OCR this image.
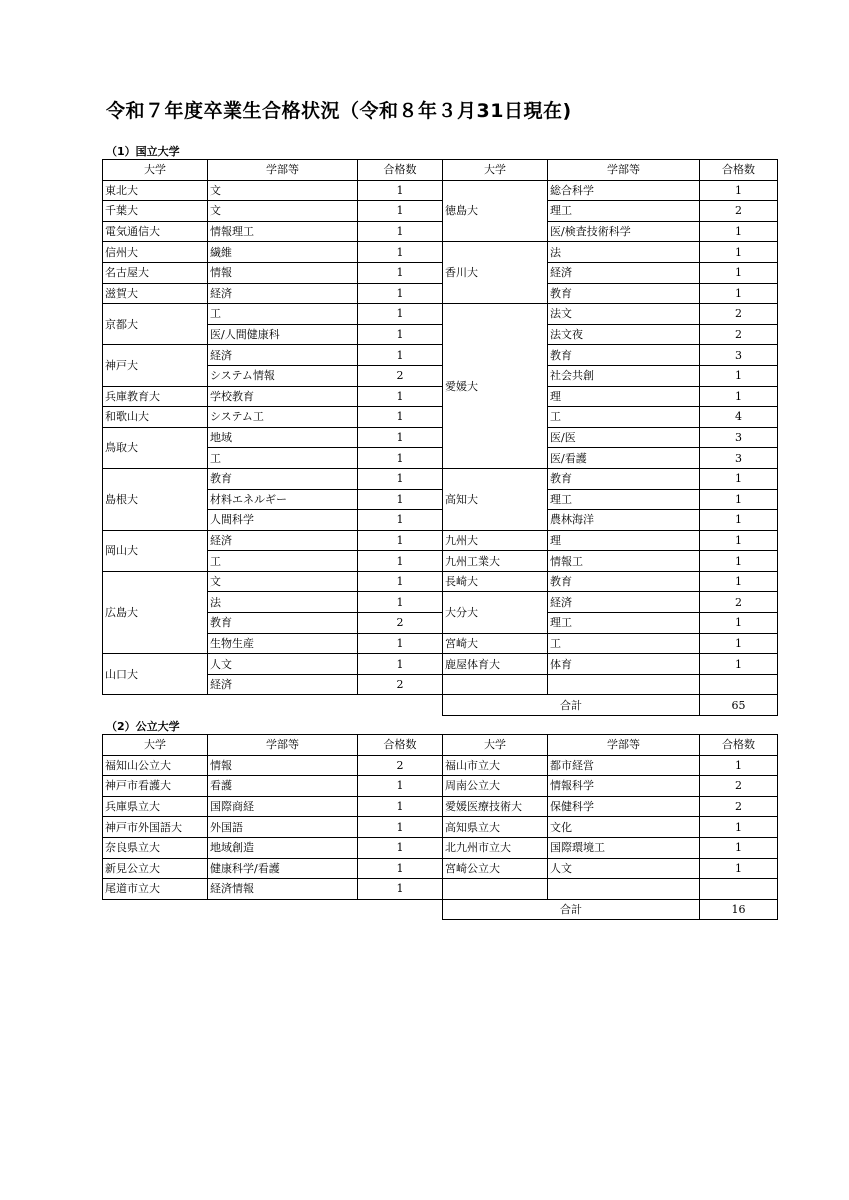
令和７年度卒業生合格状況（令和８年３月31日現在)
（1）国立大学
大学	学部等	合格数	大学	学部等	合格数
東北大	文	1	徳島大	総合科学	1
千葉大	文	1		理工	2
電気通信大	情報理工	1		医/検査技術科学	1
信州大	繊維	1	香川大	法	1
名古屋大	情報	1		経済	1
滋賀大	経済	1		教育	1
京都大	工	1	愛媛大	法文	2
	医/人間健康科	1		法文夜	2
神戸大	経済	1		教育	3
	システム情報	2		社会共創	1
兵庫教育大	学校教育	1		理	1
和歌山大	システム工	1		工	4
鳥取大	地域	1		医/医	3
	工	1		医/看護	3
島根大	教育	1	高知大	教育	1
	材料エネルギー	1		理工	1
	人間科学	1		農林海洋	1
岡山大	経済	1	九州大	理	1
	工	1	九州工業大	情報工	1
広島大	文	1	長崎大	教育	1
	法	1	大分大	経済	2
	教育	2		理工	1
	生物生産	1	宮崎大	工	1
山口大	人文	1	鹿屋体育大	体育	1
	経済	2			
			合計		65
（2）公立大学
大学	学部等	合格数	大学	学部等	合格数
福知山公立大	情報	2	福山市立大	都市経営	1
神戸市看護大	看護	1	周南公立大	情報科学	2
兵庫県立大	国際商経	1	愛媛医療技術大	保健科学	2
神戸市外国語大	外国語	1	高知県立大	文化	1
奈良県立大	地域創造	1	北九州市立大	国際環境工	1
新見公立大	健康科学/看護	1	宮崎公立大	人文	1
尾道市立大	経済情報	1			
			合計		16
